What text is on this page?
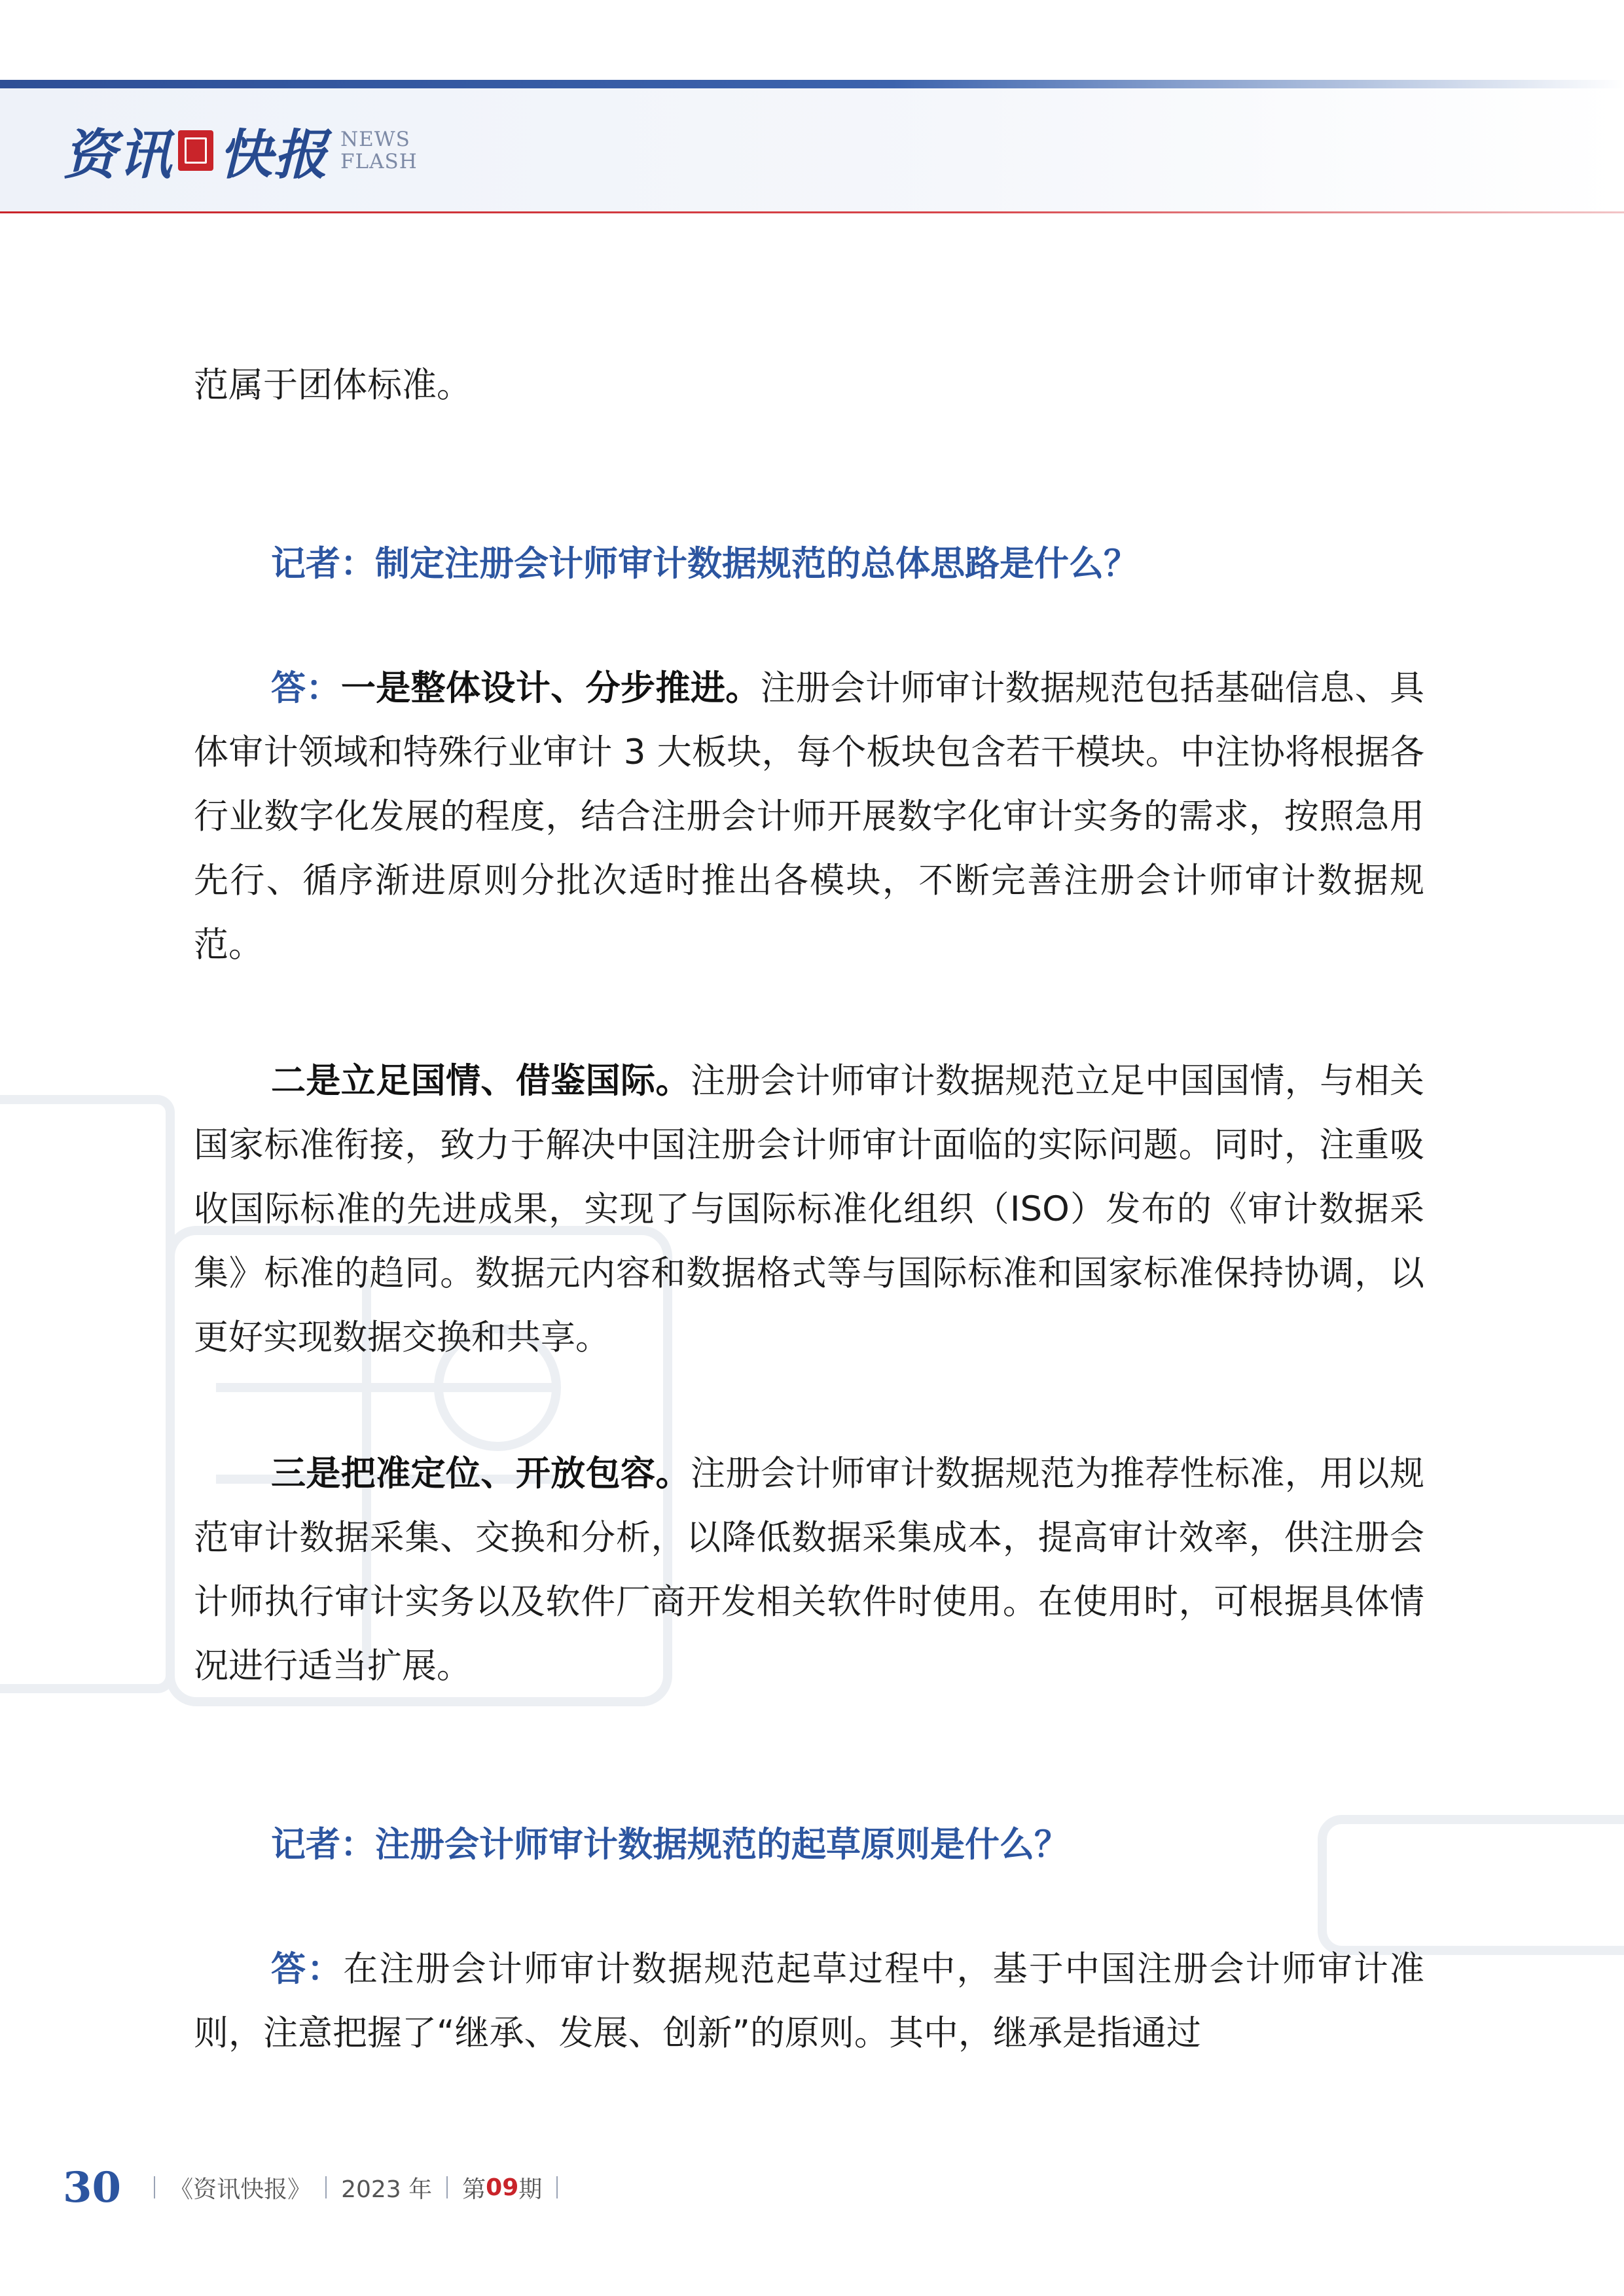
资讯 快报 NEWS
FLASH

范属于团体标准。

记者：制定注册会计师审计数据规范的总体思路是什么？

答：一是整体设计、分步推进。注册会计师审计数据规范包括基础信息、具体审计领域和特殊行业审计 3 大板块，每个板块包含若干模块。中注协将根据各行业数字化发展的程度，结合注册会计师开展数字化审计实务的需求，按照急用先行、循序渐进原则分批次适时推出各模块，不断完善注册会计师审计数据规范。

二是立足国情、借鉴国际。注册会计师审计数据规范立足中国国情，与相关国家标准衔接，致力于解决中国注册会计师审计面临的实际问题。同时，注重吸收国际标准的先进成果，实现了与国际标准化组织（ISO）发布的《审计数据采集》标准的趋同。数据元内容和数据格式等与国际标准和国家标准保持协调，以更好实现数据交换和共享。

三是把准定位、开放包容。注册会计师审计数据规范为推荐性标准，用以规范审计数据采集、交换和分析，以降低数据采集成本，提高审计效率，供注册会计师执行审计实务以及软件厂商开发相关软件时使用。在使用时，可根据具体情况进行适当扩展。

记者：注册会计师审计数据规范的起草原则是什么？

答：在注册会计师审计数据规范起草过程中，基于中国注册会计师审计准则，注意把握了“继承、发展、创新”的原则。其中，继承是指通过

30 《资讯快报》 2023 年 第 09 期
